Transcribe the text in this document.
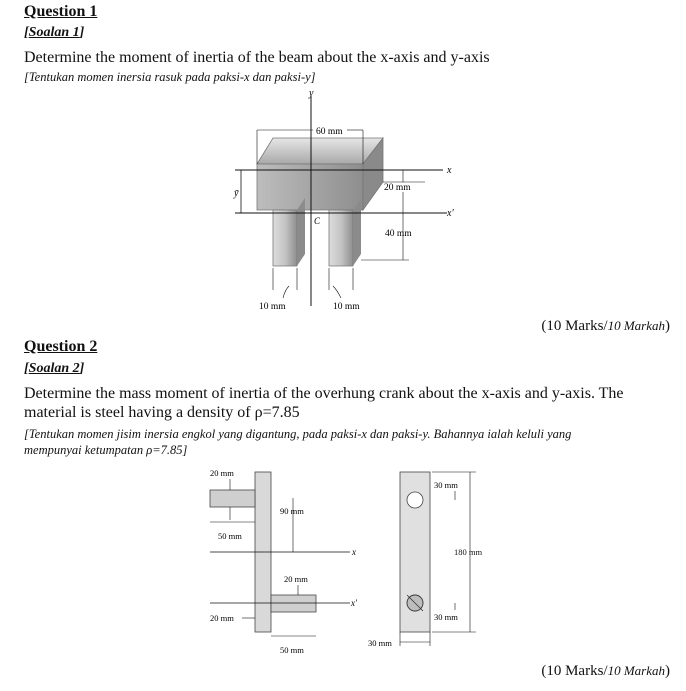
Question 1
[Soalan 1]
Determine the moment of inertia of the beam about the x-axis and y-axis
[Tentukan momen inersia rasuk pada paksi-x dan paksi-y]
y
x
x'
C
ȳ
60 mm
20 mm
40 mm
10 mm	10 mm
(10 Marks/10 Markah)
Question 2
[Soalan 2]
Determine the mass moment of inertia of the overhung crank about the x-axis and y-axis. The
material is steel having a density of ρ=7.85
[Tentukan momen jisim inersia engkol yang digantung, pada paksi-x dan paksi-y. Bahannya ialah keluli yang
mempunyai ketumpatan ρ=7.85]
x
x'
20 mm
50 mm
90 mm
20 mm
20 mm
50 mm
30 mm
180 mm
30 mm
30 mm
(10 Marks/10 Markah)
